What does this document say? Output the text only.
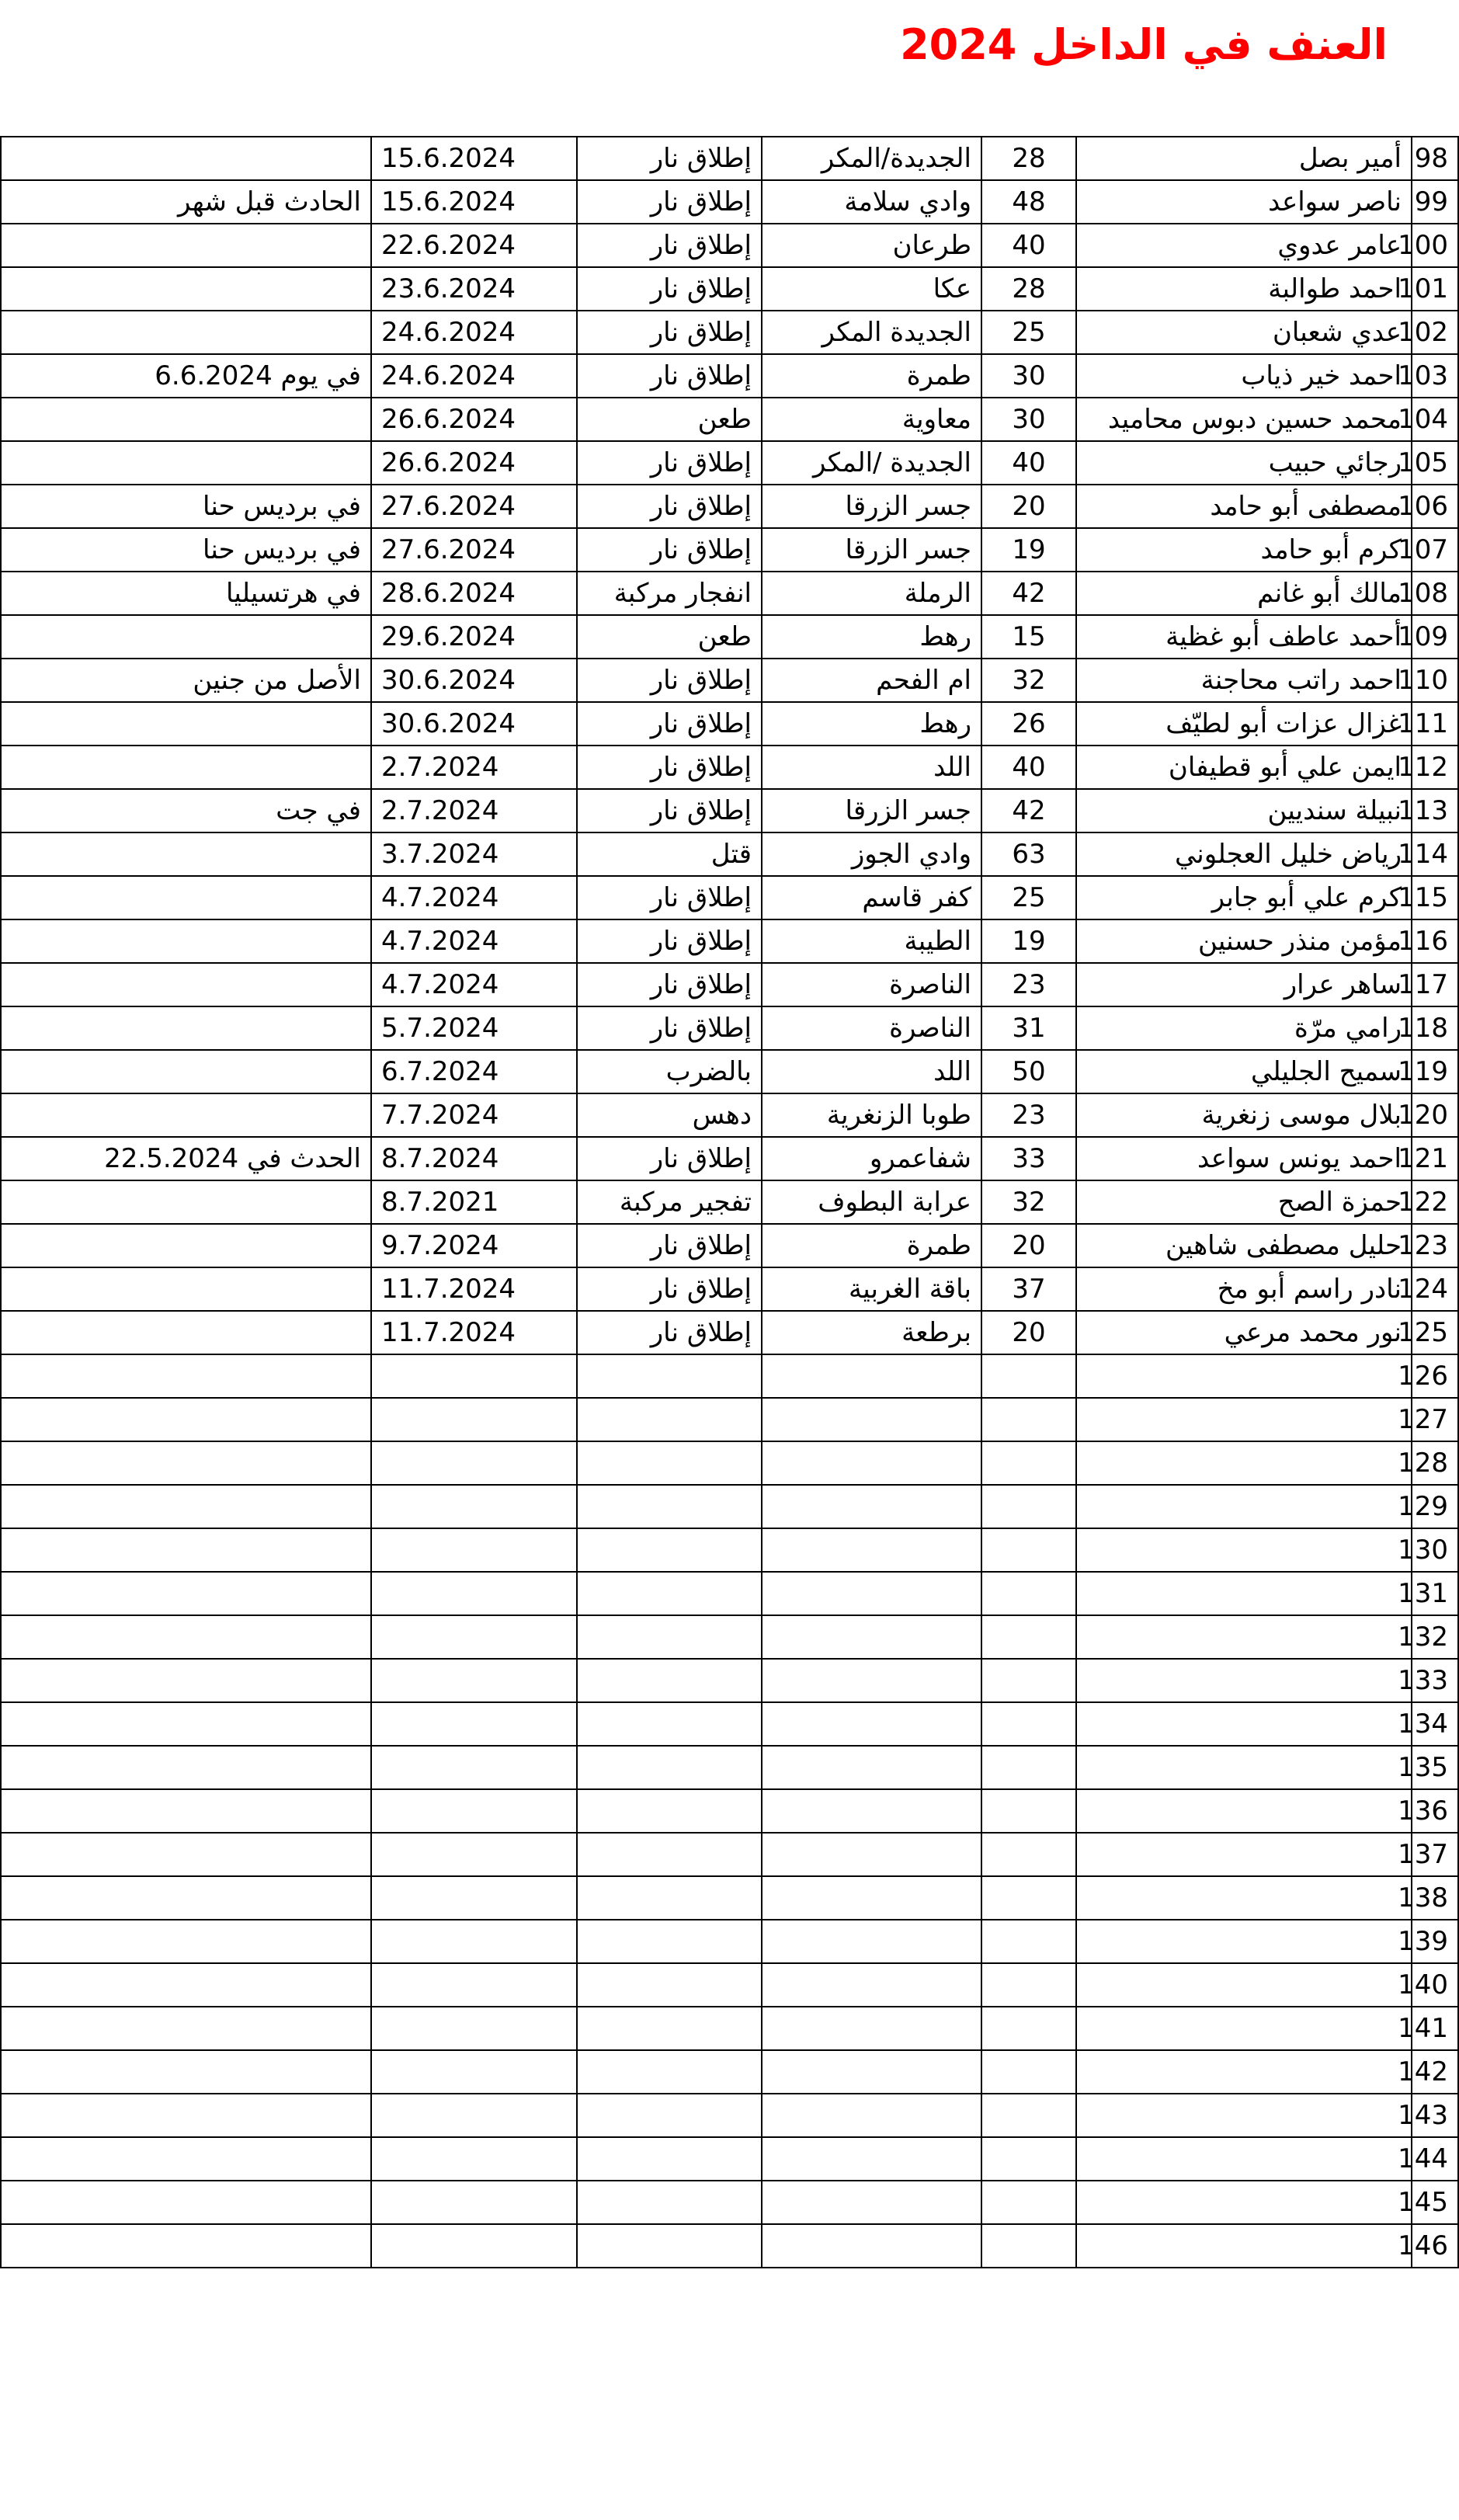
العنف في الداخل 2024
98	أمير بصل	28	الجديدة/المكر	إطلاق نار	15.6.2024	
99	ناصر سواعد	48	وادي سلامة	إطلاق نار	15.6.2024	الحادث قبل شهر
100	عامر عدوي	40	طرعان	إطلاق نار	22.6.2024	
101	احمد طوالبة	28	عكا	إطلاق نار	23.6.2024	
102	عدي شعبان	25	الجديدة المكر	إطلاق نار	24.6.2024	
103	احمد خير ذياب	30	طمرة	إطلاق نار	24.6.2024	في يوم 6.6.2024
104	محمد حسين دبوس محاميد	30	معاوية	طعن	26.6.2024	
105	رجائي حبيب	40	الجديدة /المكر	إطلاق نار	26.6.2024	
106	مصطفى أبو حامد	20	جسر الزرقا	إطلاق نار	27.6.2024	في برديس حنا
107	كرم أبو حامد	19	جسر الزرقا	إطلاق نار	27.6.2024	في برديس حنا
108	مالك أبو غانم	42	الرملة	انفجار مركبة	28.6.2024	في هرتسيليا
109	أحمد عاطف أبو غظية	15	رهط	طعن	29.6.2024	
110	احمد راتب محاجنة	32	ام الفحم	إطلاق نار	30.6.2024	الأصل من جنين
111	غزال عزات أبو لطيّف	26	رهط	إطلاق نار	30.6.2024	
112	ايمن علي أبو قطيفان	40	اللد	إطلاق نار	2.7.2024	
113	نبيلة سنديين	42	جسر الزرقا	إطلاق نار	2.7.2024	في جت
114	رياض خليل العجلوني	63	وادي الجوز	قتل	3.7.2024	
115	كرم علي أبو جابر	25	كفر قاسم	إطلاق نار	4.7.2024	
116	مؤمن منذر حسنين	19	الطيبة	إطلاق نار	4.7.2024	
117	ساهر عرار	23	الناصرة	إطلاق نار	4.7.2024	
118	رامي مرّة	31	الناصرة	إطلاق نار	5.7.2024	
119	سميح الجليلي	50	اللد	بالضرب	6.7.2024	
120	بلال موسى زنغرية	23	طوبا الزنغرية	دهس	7.7.2024	
121	احمد يونس سواعد	33	شفاعمرو	إطلاق نار	8.7.2024	الحدث في 22.5.2024
122	حمزة الصح	32	عرابة البطوف	تفجير مركبة	8.7.2021	
123	حليل مصطفى شاهين	20	طمرة	إطلاق نار	9.7.2024	
124	نادر راسم أبو مخ	37	باقة الغربية	إطلاق نار	11.7.2024	
125	نور محمد مرعي	20	برطعة	إطلاق نار	11.7.2024	
126						
127						
128						
129						
130						
131						
132						
133						
134						
135						
136						
137						
138						
139						
140						
141						
142						
143						
144						
145						
146						
